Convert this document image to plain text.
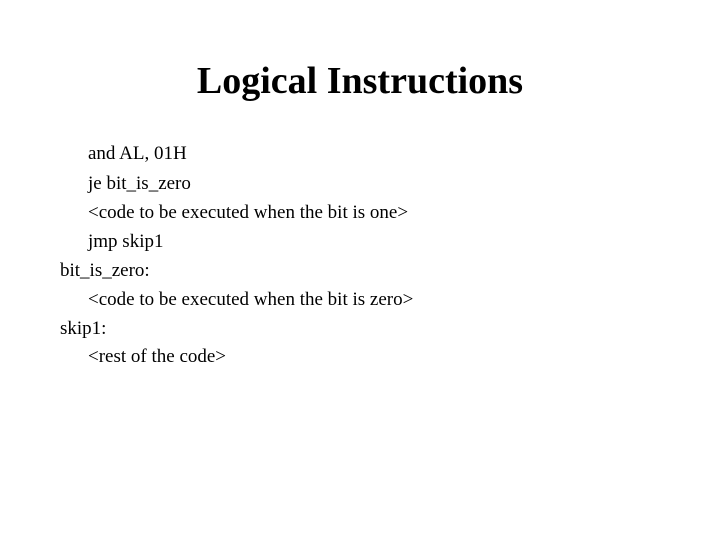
Logical Instructions
and AL, 01H
je bit_is_zero
<code to be executed when the bit is one>
jmp skip1
bit_is_zero:
<code to be executed when the bit is zero>
skip1:
<rest of the code>
